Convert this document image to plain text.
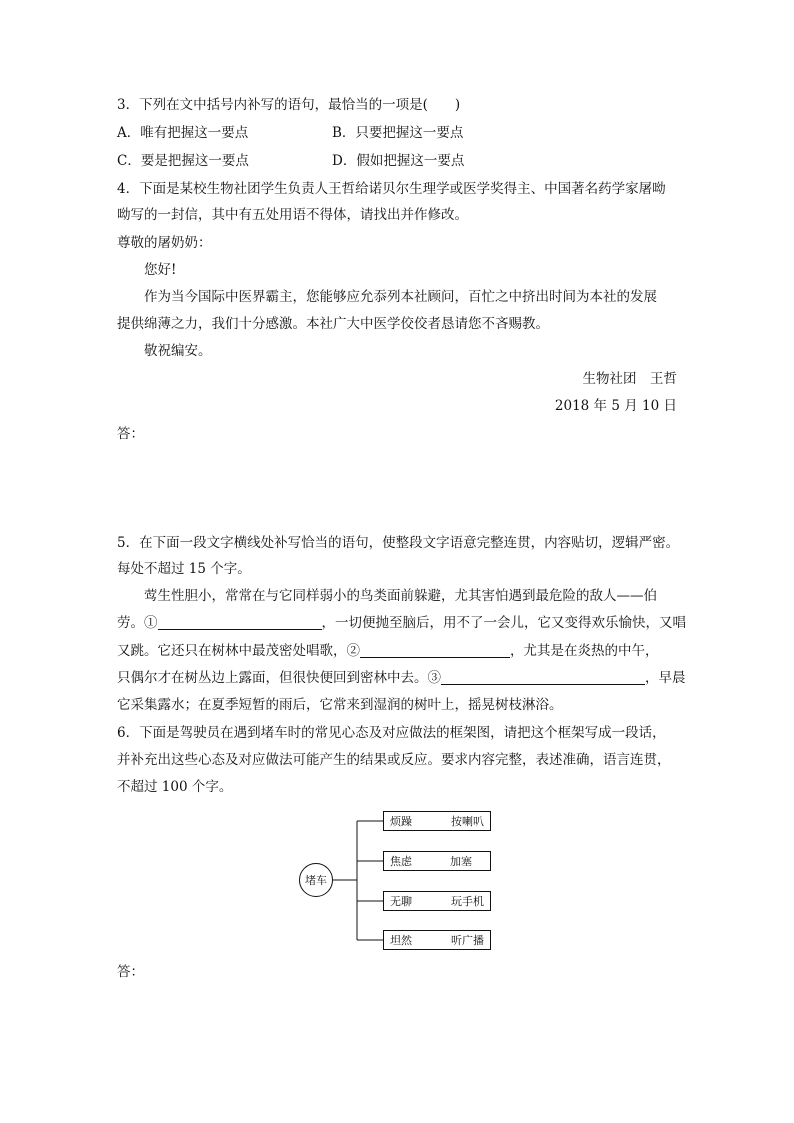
3．下列在文中括号内补写的语句，最恰当的一项是(　　)
A．唯有把握这一要点	B．只要把握这一要点
C．要是把握这一要点	D．假如把握这一要点
4．下面是某校生物社团学生负责人王哲给诺贝尔生理学或医学奖得主、中国著名药学家屠呦
呦写的一封信，其中有五处用语不得体，请找出并作修改。
尊敬的屠奶奶：
您好!
作为当今国际中医界霸主，您能够应允忝列本社顾问，百忙之中挤出时间为本社的发展
提供绵薄之力，我们十分感激。本社广大中医学佼佼者恳请您不吝赐教。
敬祝编安。
生物社团　王哲
2018 年 5 月 10 日
答：
5．在下面一段文字横线处补写恰当的语句，使整段文字语意完整连贯，内容贴切，逻辑严密。
每处不超过 15 个字。
莺生性胆小，常常在与它同样弱小的鸟类面前躲避，尤其害怕遇到最危险的敌人——伯
劳。①	，一切便抛至脑后，用不了一会儿，它又变得欢乐愉快，又唱
又跳。它还只在树林中最茂密处唱歌，②	，尤其是在炎热的中午，
只偶尔才在树丛边上露面，但很快便回到密林中去。③	，早晨
它采集露水；在夏季短暂的雨后，它常来到湿润的树叶上，摇晃树枝淋浴。
6．下面是驾驶员在遇到堵车时的常见心态及对应做法的框架图，请把这个框架写成一段话，
并补充出这些心态及对应做法可能产生的结果或反应。要求内容完整，表述准确，语言连贯，
不超过 100 个字。
堵车
烦躁	按喇叭
焦虑	加塞
无聊	玩手机
坦然	听广播
答：
